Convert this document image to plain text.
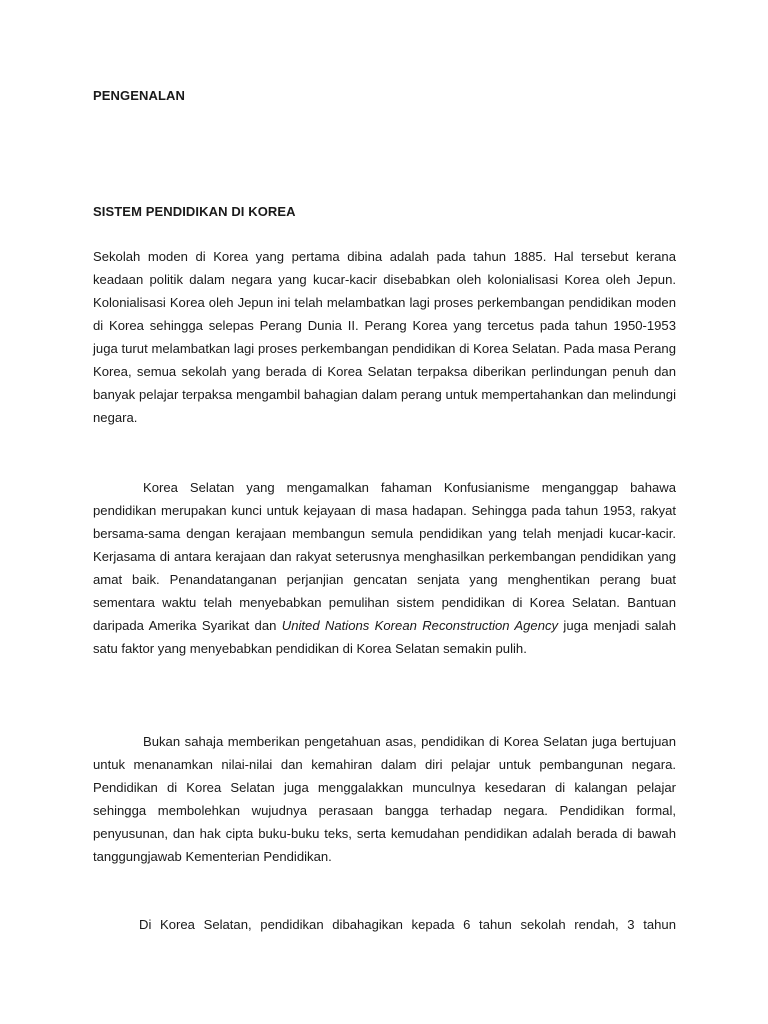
PENGENALAN

SISTEM PENDIDIKAN DI KOREA

Sekolah moden di Korea yang pertama dibina adalah pada tahun 1885. Hal tersebut kerana keadaan politik dalam negara yang kucar-kacir disebabkan oleh kolonialisasi Korea oleh Jepun. Kolonialisasi Korea oleh Jepun ini telah melambatkan lagi proses perkembangan pendidikan moden di Korea sehingga selepas Perang Dunia II. Perang Korea yang tercetus pada tahun 1950-1953 juga turut melambatkan lagi proses perkembangan pendidikan di Korea Selatan. Pada masa Perang Korea, semua sekolah yang berada di Korea Selatan terpaksa diberikan perlindungan penuh dan banyak pelajar terpaksa mengambil bahagian dalam perang untuk mempertahankan dan melindungi negara.

Korea Selatan yang mengamalkan fahaman Konfusianisme menganggap bahawa pendidikan merupakan kunci untuk kejayaan di masa hadapan. Sehingga pada tahun 1953, rakyat bersama-sama dengan kerajaan membangun semula pendidikan yang telah menjadi kucar-kacir. Kerjasama di antara kerajaan dan rakyat seterusnya menghasilkan perkembangan pendidikan yang amat baik. Penandatanganan perjanjian gencatan senjata yang menghentikan perang buat sementara waktu telah menyebabkan pemulihan sistem pendidikan di Korea Selatan. Bantuan daripada Amerika Syarikat dan United Nations Korean Reconstruction Agency juga menjadi salah satu faktor yang menyebabkan pendidikan di Korea Selatan semakin pulih.

Bukan sahaja memberikan pengetahuan asas, pendidikan di Korea Selatan juga bertujuan untuk menanamkan nilai-nilai dan kemahiran dalam diri pelajar untuk pembangunan negara. Pendidikan di Korea Selatan juga menggalakkan munculnya kesedaran di kalangan pelajar sehingga membolehkan wujudnya perasaan bangga terhadap negara. Pendidikan formal, penyusunan, dan hak cipta buku-buku teks, serta kemudahan pendidikan adalah berada di bawah tanggungjawab Kementerian Pendidikan.

Di Korea Selatan, pendidikan dibahagikan kepada 6 tahun sekolah rendah, 3 tahun
